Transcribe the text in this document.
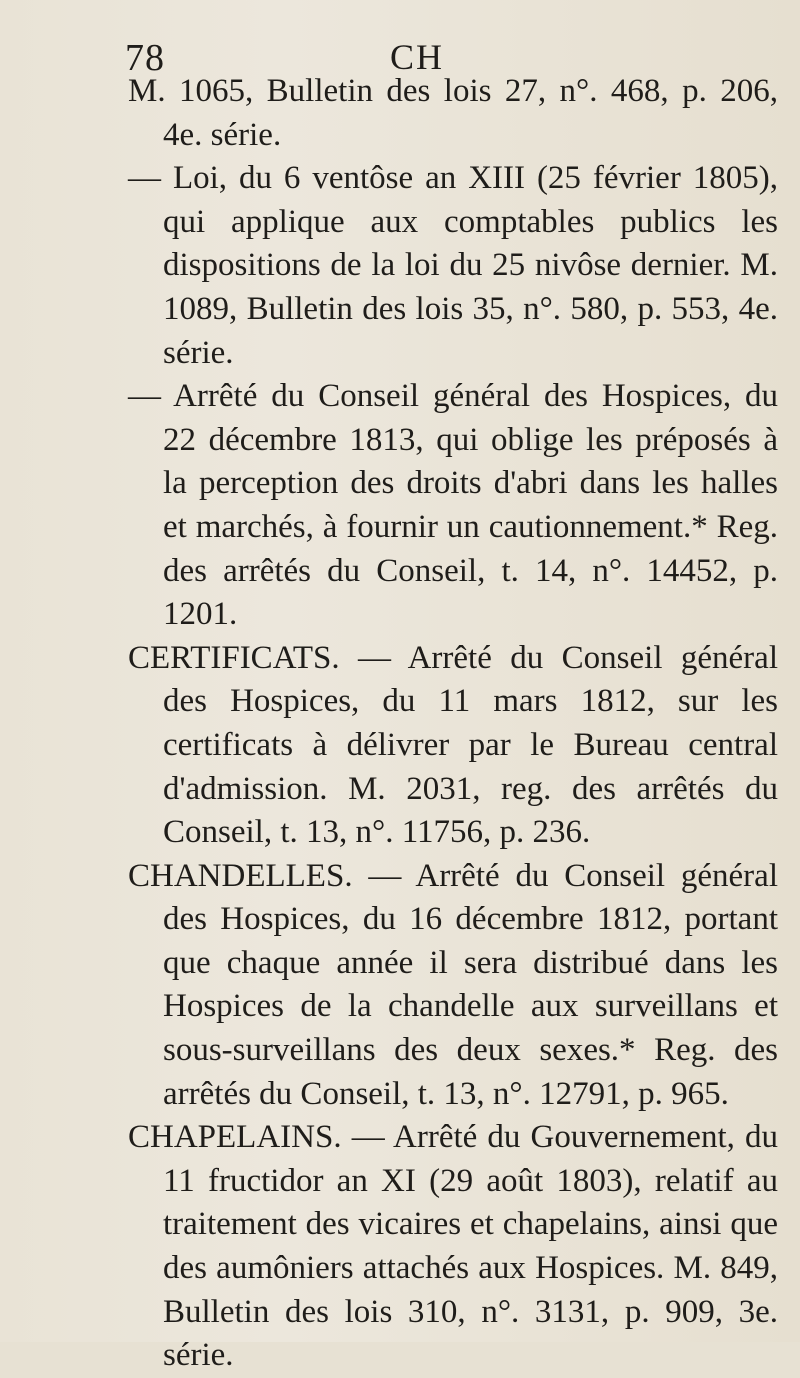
78	CH

M. 1065, Bulletin des lois 27, n°. 468, p. 206, 4e. série.

— Loi, du 6 ventôse an XIII (25 février 1805), qui applique aux comptables publics les dispositions de la loi du 25 nivôse dernier. M. 1089, Bulletin des lois 35, n°. 580, p. 553, 4e. série.

— Arrêté du Conseil général des Hospices, du 22 décembre 1813, qui oblige les préposés à la perception des droits d'abri dans les halles et marchés, à fournir un cautionnement.* Reg. des arrêtés du Conseil, t. 14, n°. 14452, p. 1201.

CERTIFICATS. — Arrêté du Conseil général des Hospices, du 11 mars 1812, sur les certificats à délivrer par le Bureau central d'admission. M. 2031, reg. des arrêtés du Conseil, t. 13, n°. 11756, p. 236.

CHANDELLES. — Arrêté du Conseil général des Hospices, du 16 décembre 1812, portant que chaque année il sera distribué dans les Hospices de la chandelle aux surveillans et sous-surveillans des deux sexes.* Reg. des arrêtés du Conseil, t. 13, n°. 12791, p. 965.

CHAPELAINS. — Arrêté du Gouvernement, du 11 fructidor an XI (29 août 1803), relatif au traitement des vicaires et chapelains, ainsi que des aumôniers attachés aux Hospices. M. 849, Bulletin des lois 310, n°. 3131, p. 909, 3e. série.
